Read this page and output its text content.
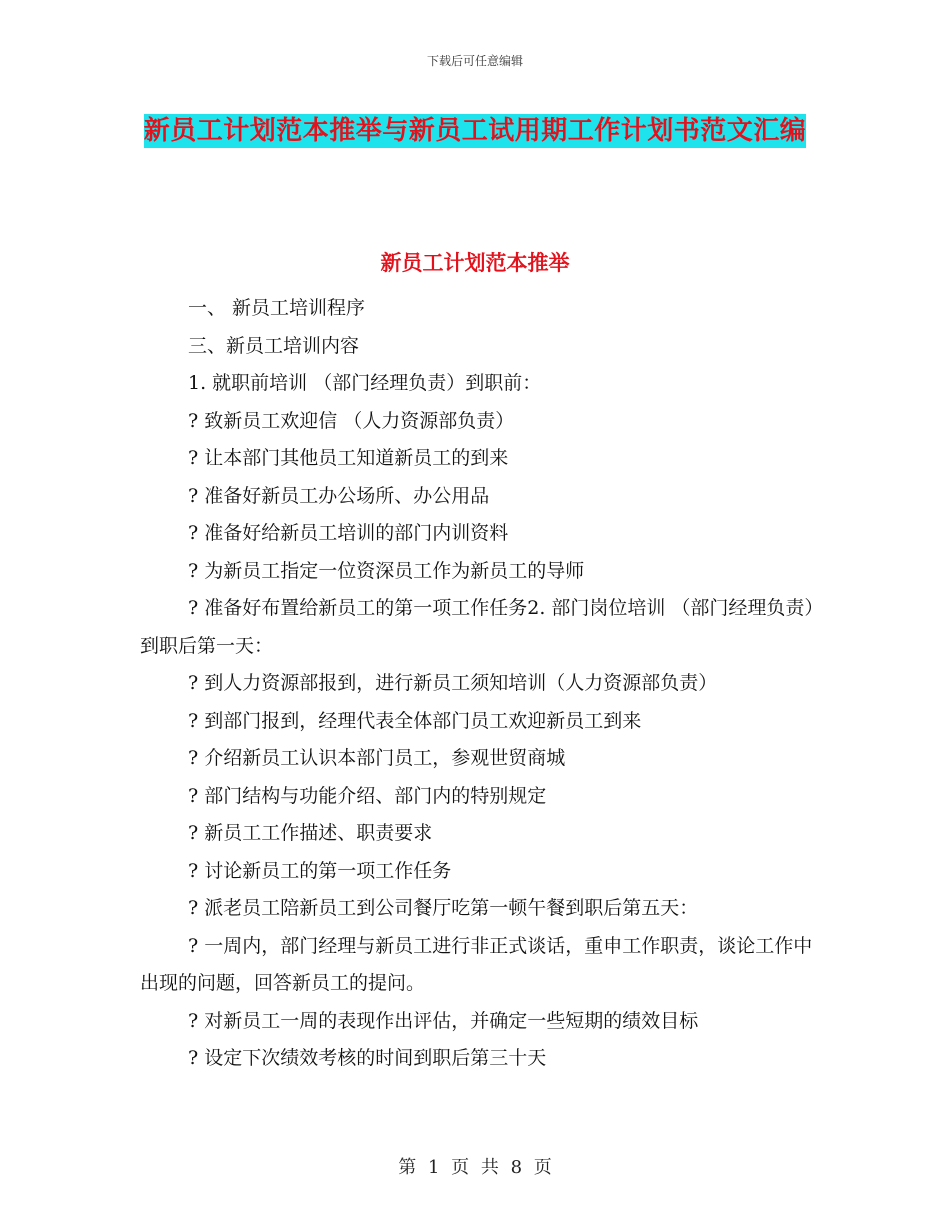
下载后可任意编辑
新员工计划范本推举与新员工试用期工作计划书范文汇编
新员工计划范本推举

一、 新员工培训程序

三、新员工培训内容

1. 就职前培训 （部门经理负责）到职前：

? 致新员工欢迎信 （人力资源部负责）

? 让本部门其他员工知道新员工的到来

? 准备好新员工办公场所、办公用品

? 准备好给新员工培训的部门内训资料

? 为新员工指定一位资深员工作为新员工的导师

? 准备好布置给新员工的第一项工作任务2. 部门岗位培训 （部门经理负责）到职后第一天：

? 到人力资源部报到，进行新员工须知培训（人力资源部负责）

? 到部门报到，经理代表全体部门员工欢迎新员工到来

? 介绍新员工认识本部门员工，参观世贸商城

? 部门结构与功能介绍、部门内的特别规定

? 新员工工作描述、职责要求

? 讨论新员工的第一项工作任务

? 派老员工陪新员工到公司餐厅吃第一顿午餐到职后第五天：

? 一周内，部门经理与新员工进行非正式谈话，重申工作职责，谈论工作中出现的问题，回答新员工的提问。

? 对新员工一周的表现作出评估，并确定一些短期的绩效目标

? 设定下次绩效考核的时间到职后第三十天

第 1 页 共 8 页
